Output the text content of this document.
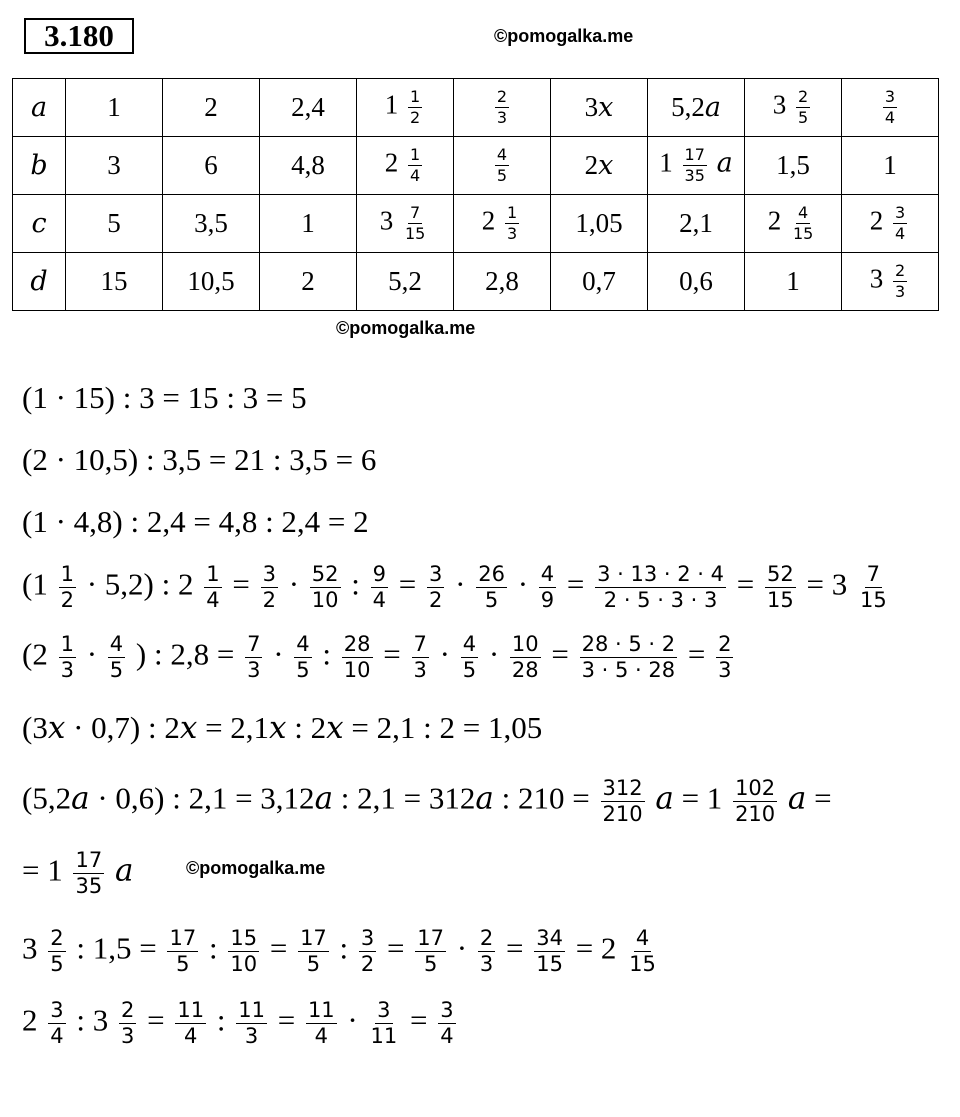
3.180	©pomogalka.me
©pomogalka.me
©pomogalka.me
a	1	2	2,4	$1 \frac{1}{2}$	$\frac{2}{3}$	3x	5,2a	$3 \frac{2}{5}$	$\frac{3}{4}$

b	3	6	4,8	$2 \frac{1}{4}$	$\frac{4}{5}$	2x	$1 \frac{17}{35}$ a	1,5	1
c	5	3,5	1	$3 \frac{7}{15}$	$2 \frac{1}{3}$	1,05	2,1	$2 \frac{4}{15}$	$2 \frac{3}{4}$

d	15	10,5	2	5,2	2,8	0,7	0,6	1	$3 \frac{2}{3}$
(1 · 15) : 3 = 15 : 3 = 5
(2 · 10,5) : 3,5 = 21 : 3,5 = 6
(1 · 4,8) : 2,4 = 4,8 : 2,4 = 2
$(1 \frac{1}{2} \cdot 5,2)$ : $2 \frac{1}{4} = \frac{3}{2} \cdot \frac{52}{10}$ : $\frac{9}{4} = \frac{3}{2} \cdot \frac{26}{5} \cdot \frac{4}{9} = \frac{3 \cdot 13 \cdot 2 \cdot 4}{2 \cdot 5 \cdot 3 \cdot 3} = \frac{52}{15} = 3 \frac{7}{15}$
($2 \frac{1}{3} \cdot \frac{4}{5}$ ) : $2,8 = \frac{7}{3} \cdot \frac{4}{5}$ : $\frac{28}{10} = \frac{7}{3} \cdot \frac{4}{5} \cdot \frac{10}{28} = \frac{28 \cdot 5 \cdot 2}{3 \cdot 5 \cdot 28} = \frac{2}{3}$
(3x · 0,7) : 2x = 2,1x : 2x = 2,1 : 2 = 1,05
(5,2a · 0,6) : 2,1 = 3,12a : 2,1 = 312a : $210 = \frac{312}{210}$ $a = 1 \frac{102}{210}$ a =
= $1 \frac{17}{35}$ a
$3 \frac{2}{5}$ : $1,5 = \frac{17}{5}$ : $\frac{15}{10} = \frac{17}{5}$ : $\frac{3}{2} = \frac{17}{5} \cdot \frac{2}{3} = \frac{34}{15} = 2 \frac{4}{15}$
$2 \frac{3}{4}$ : $3 \frac{2}{3} = \frac{11}{4}$ : $\frac{11}{3} = \frac{11}{4} \cdot \frac{3}{11} = \frac{3}{4}$
